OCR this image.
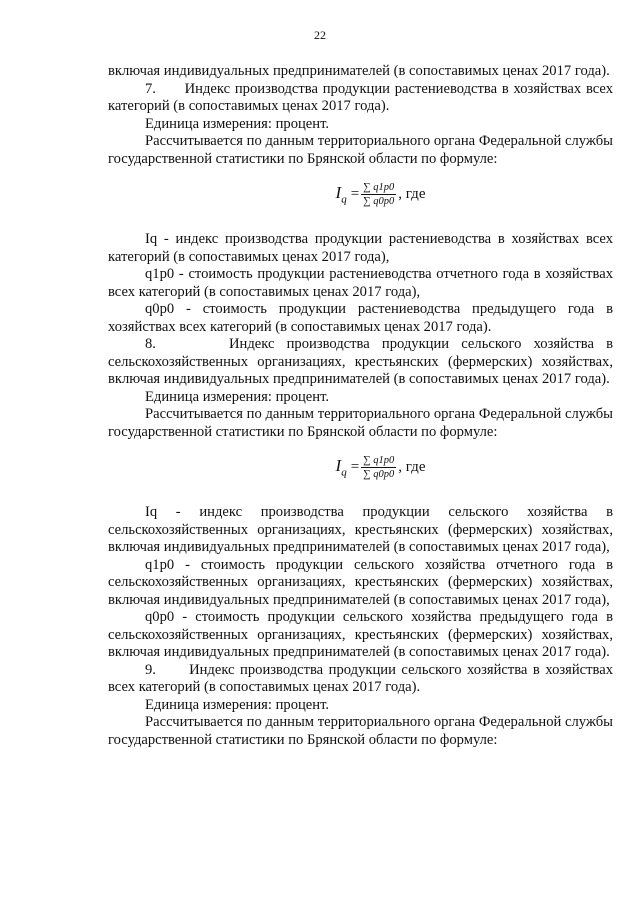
22

включая индивидуальных предпринимателей (в сопоставимых ценах 2017 года).

7.      Индекс производства продукции растениеводства в хозяйствах всех категорий (в сопоставимых ценах 2017 года).

Единица измерения: процент.

Рассчитывается по данным территориального органа Федеральной службы государственной статистики по Брянской области по формуле:

$I_q = \frac{\sum q1p0}{\sum q0p0}$ , где

Iq - индекс производства продукции растениеводства в хозяйствах всех категорий (в сопоставимых ценах 2017 года),

q1p0 - стоимость продукции растениеводства отчетного года в хозяйствах всех категорий (в сопоставимых ценах 2017 года),

q0p0 - стоимость продукции растениеводства предыдущего года в хозяйствах всех категорий (в сопоставимых ценах 2017 года).

8.      Индекс производства продукции сельского хозяйства в сельскохозяйственных организациях, крестьянских (фермерских) хозяйствах, включая индивидуальных предпринимателей (в сопоставимых ценах 2017 года).

Единица измерения: процент.

Рассчитывается по данным территориального органа Федеральной службы государственной статистики по Брянской области по формуле:

$I_q = \frac{\sum q1p0}{\sum q0p0}$ , где

Iq - индекс производства продукции сельского хозяйства в сельскохозяйственных организациях, крестьянских (фермерских) хозяйствах, включая индивидуальных предпринимателей (в сопоставимых ценах 2017 года),

q1p0 - стоимость продукции сельского хозяйства отчетного года в сельскохозяйственных организациях, крестьянских (фермерских) хозяйствах, включая индивидуальных предпринимателей (в сопоставимых ценах 2017 года),

q0p0 - стоимость продукции сельского хозяйства предыдущего года в сельскохозяйственных организациях, крестьянских (фермерских) хозяйствах, включая индивидуальных предпринимателей (в сопоставимых ценах 2017 года).

9.      Индекс производства продукции сельского хозяйства в хозяйствах всех категорий (в сопоставимых ценах 2017 года).

Единица измерения: процент.

Рассчитывается по данным территориального органа Федеральной службы государственной статистики по Брянской области по формуле:
